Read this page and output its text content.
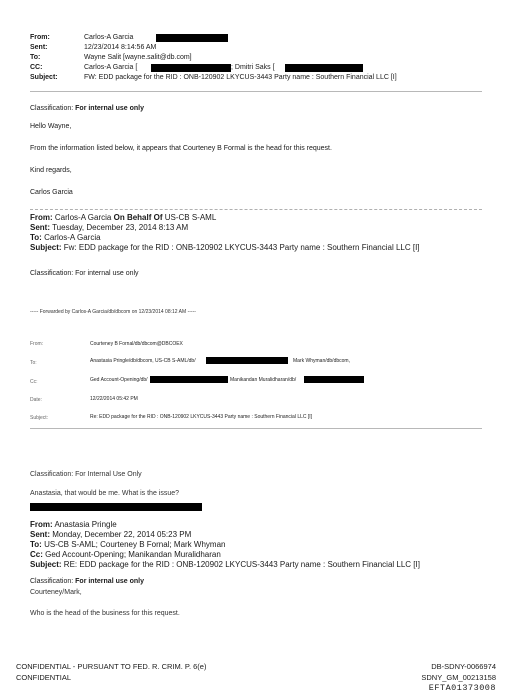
From:	Carlos-A Garcia
Sent:	12/23/2014 8:14:56 AM
To:	Wayne Salit [wayne.salit@db.com]
CC:	Carlos-A Garcia [	; Dmitri Saks [
Subject:	FW: EDD package for the RID : ONB-120902 LKYCUS-3443 Party name : Southern Financial LLC [I]
Classification: For internal use only
Hello Wayne,
From the information listed below, it appears that Courteney B Formal is the head for this request.
Kind regards,
Carlos Garcia
From: Carlos-A Garcia On Behalf Of US-CB S-AML
Sent: Tuesday, December 23, 2014 8:13 AM
To: Carlos-A Garcia
Subject: Fw: EDD package for the RID : ONB-120902 LKYCUS-3443 Party name : Southern Financial LLC [I]
Classification: For internal use only
----- Forwarded by Carlos-A Garcia/db/dbcom on 12/23/2014 08:12 AM -----
From:	Courteney B Fornal/db/dbcom@DBCOEX
To:	Anastasia Pringle/db/dbcom, US-CB S-AML/db/	Mark Whyman/db/dbcom,
Cc:	Ged Account-Opening/db/	Manikandan Muralidharan/db/
Date:	12/22/2014 05:42 PM
Subject:	Re: EDD package for the RID : ONB-120902 LKYCUS-3443 Party name : Southern Financial LLC [I]
Classification: For Internal Use Only
Anastasia, that would be me. What is the issue?
From: Anastasia Pringle
Sent: Monday, December 22, 2014 05:23 PM
To: US-CB S-AML; Courteney B Fornal; Mark Whyman
Cc: Ged Account-Opening; Manikandan Muralidharan
Subject: RE: EDD package for the RID : ONB-120902 LKYCUS-3443 Party name : Southern Financial LLC [I]
Classification: For internal use only
Courteney/Mark,
Who is the head of the business for this request.
CONFIDENTIAL - PURSUANT TO FED. R. CRIM. P. 6(e)
CONFIDENTIAL
DB-SDNY-0066974
SDNY_GM_00213158
EFTA01373008
